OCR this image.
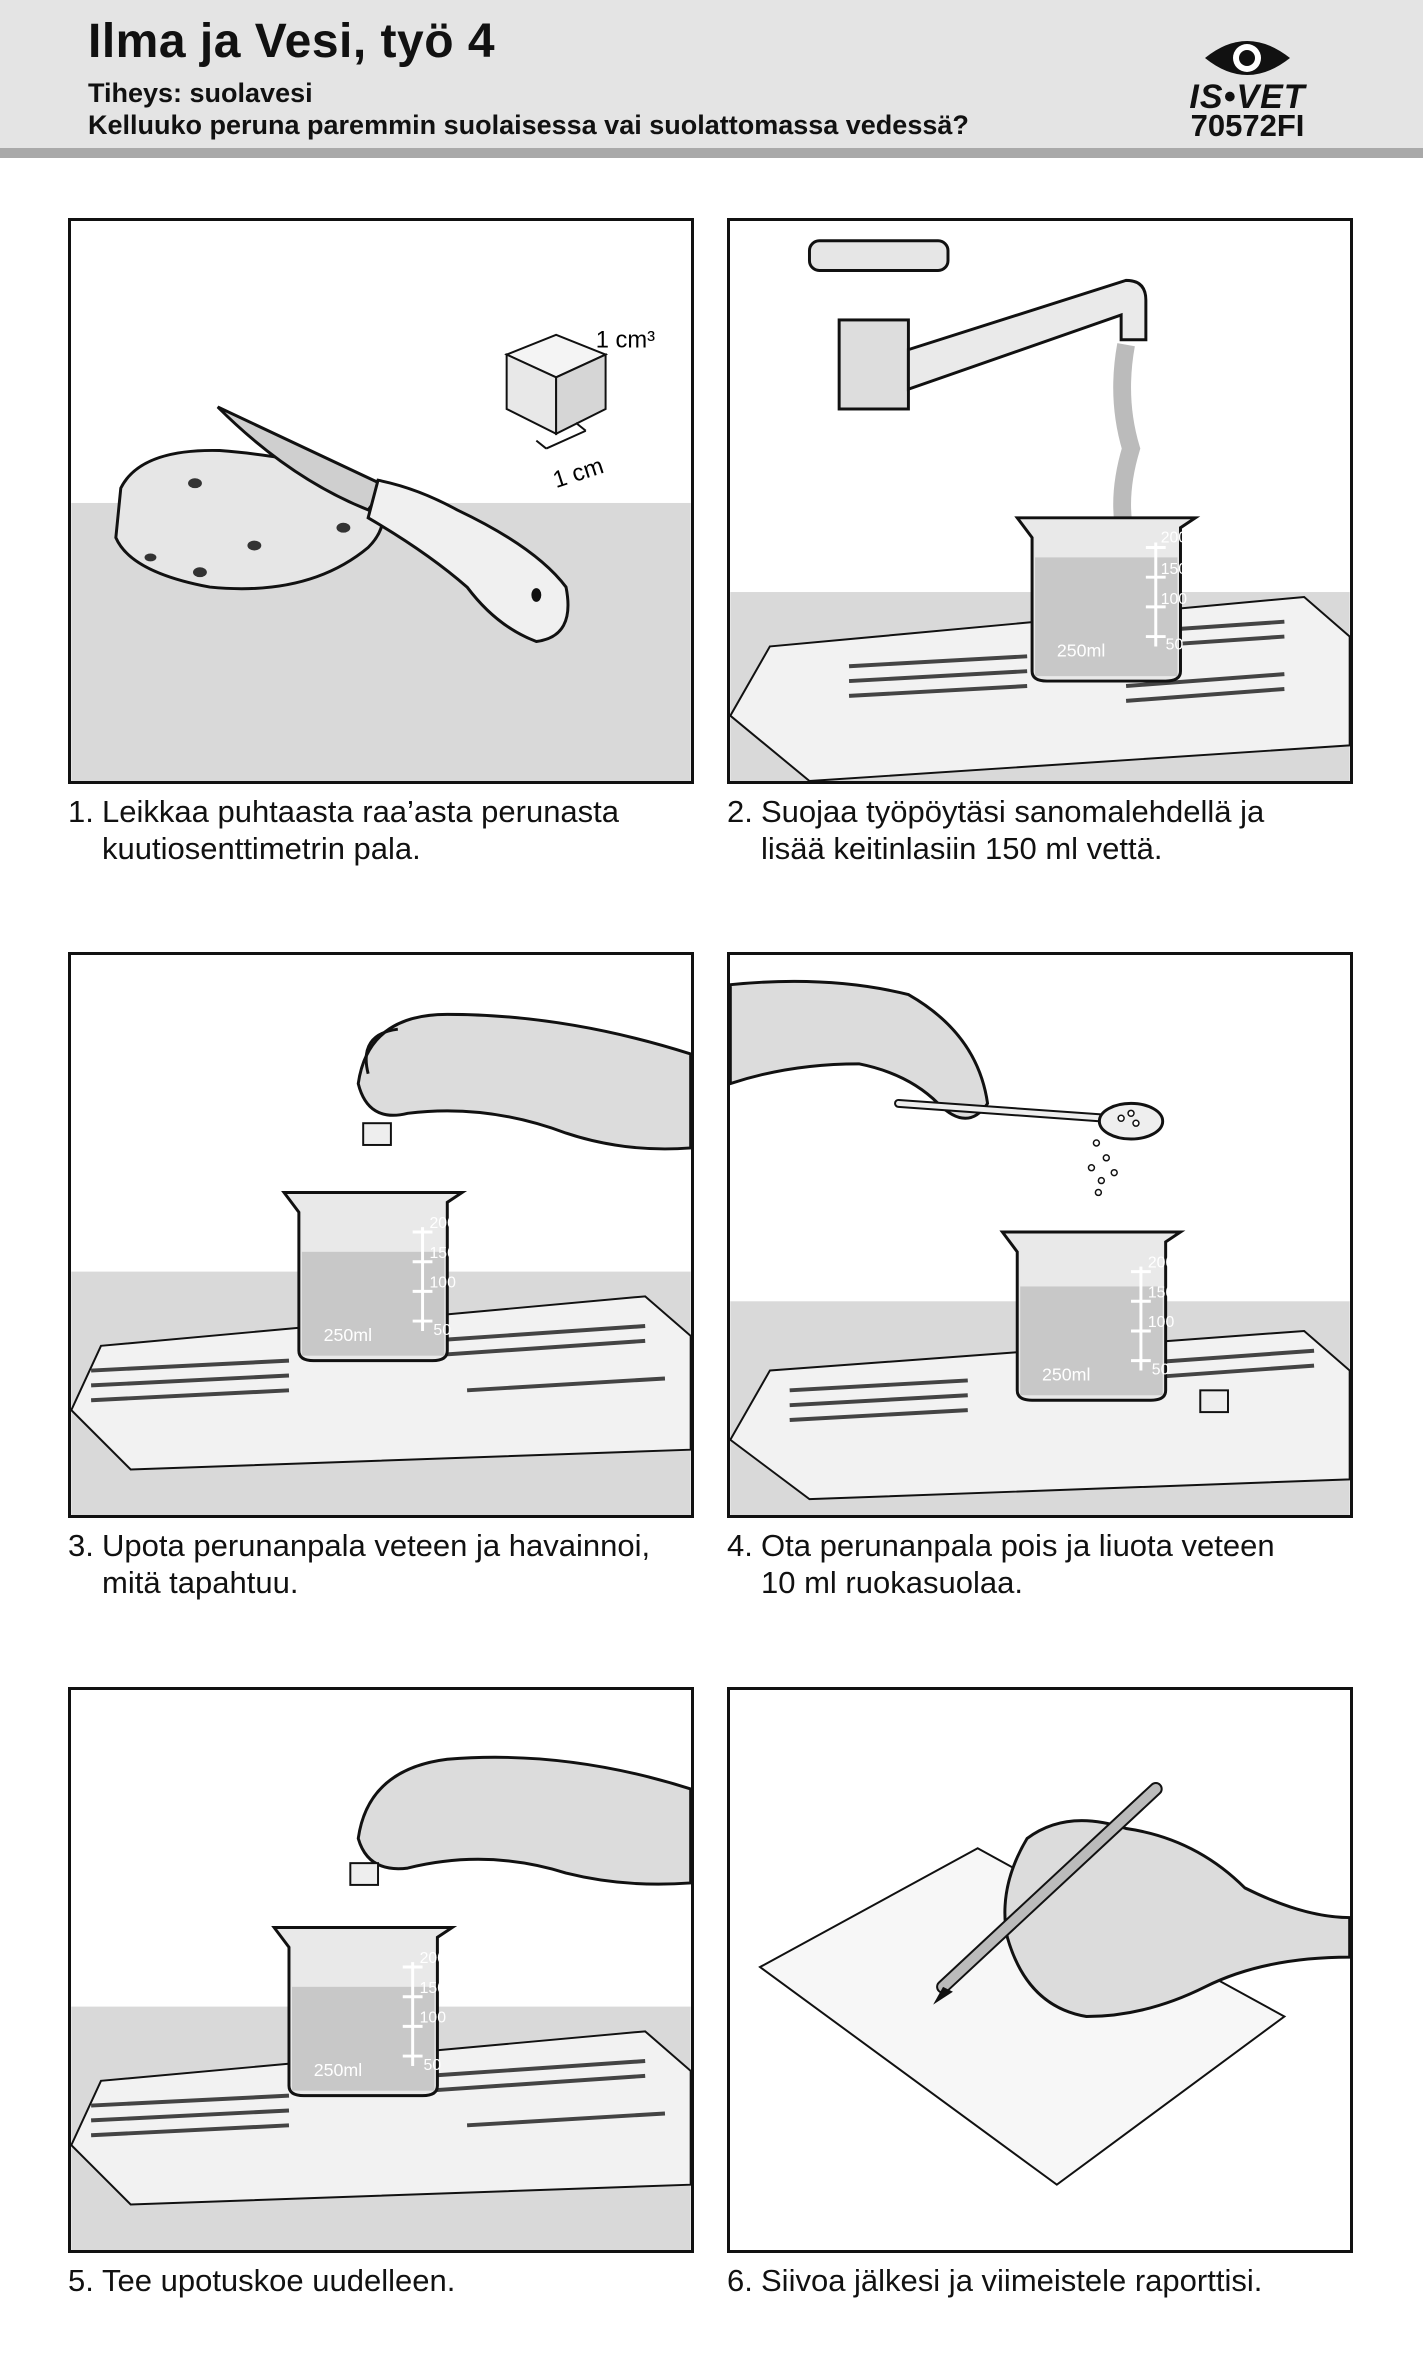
Ilma ja Vesi, työ 4
Tiheys: suolavesi
Kelluuko peruna paremmin suolaisessa vai suolattomassa vedessä?
IS•VET
70572FI
1 cm³
1 cm
200
150
100
50
250ml
1. Leikkaa puhtaasta raa’asta perunasta
kuutiosenttimetrin pala.
2. Suojaa työpöytäsi sanomalehdellä ja
lisää keitinlasiin 150 ml vettä.
200
150
100
50
250ml
200
150
100
50
250ml
3. Upota perunanpala veteen ja havainnoi,
mitä tapahtuu.
4. Ota perunanpala pois ja liuota veteen
10 ml ruokasuolaa.
200
150
100
50
250ml
5. Tee upotuskoe uudelleen.	6. Siivoa jälkesi ja viimeistele raporttisi.
